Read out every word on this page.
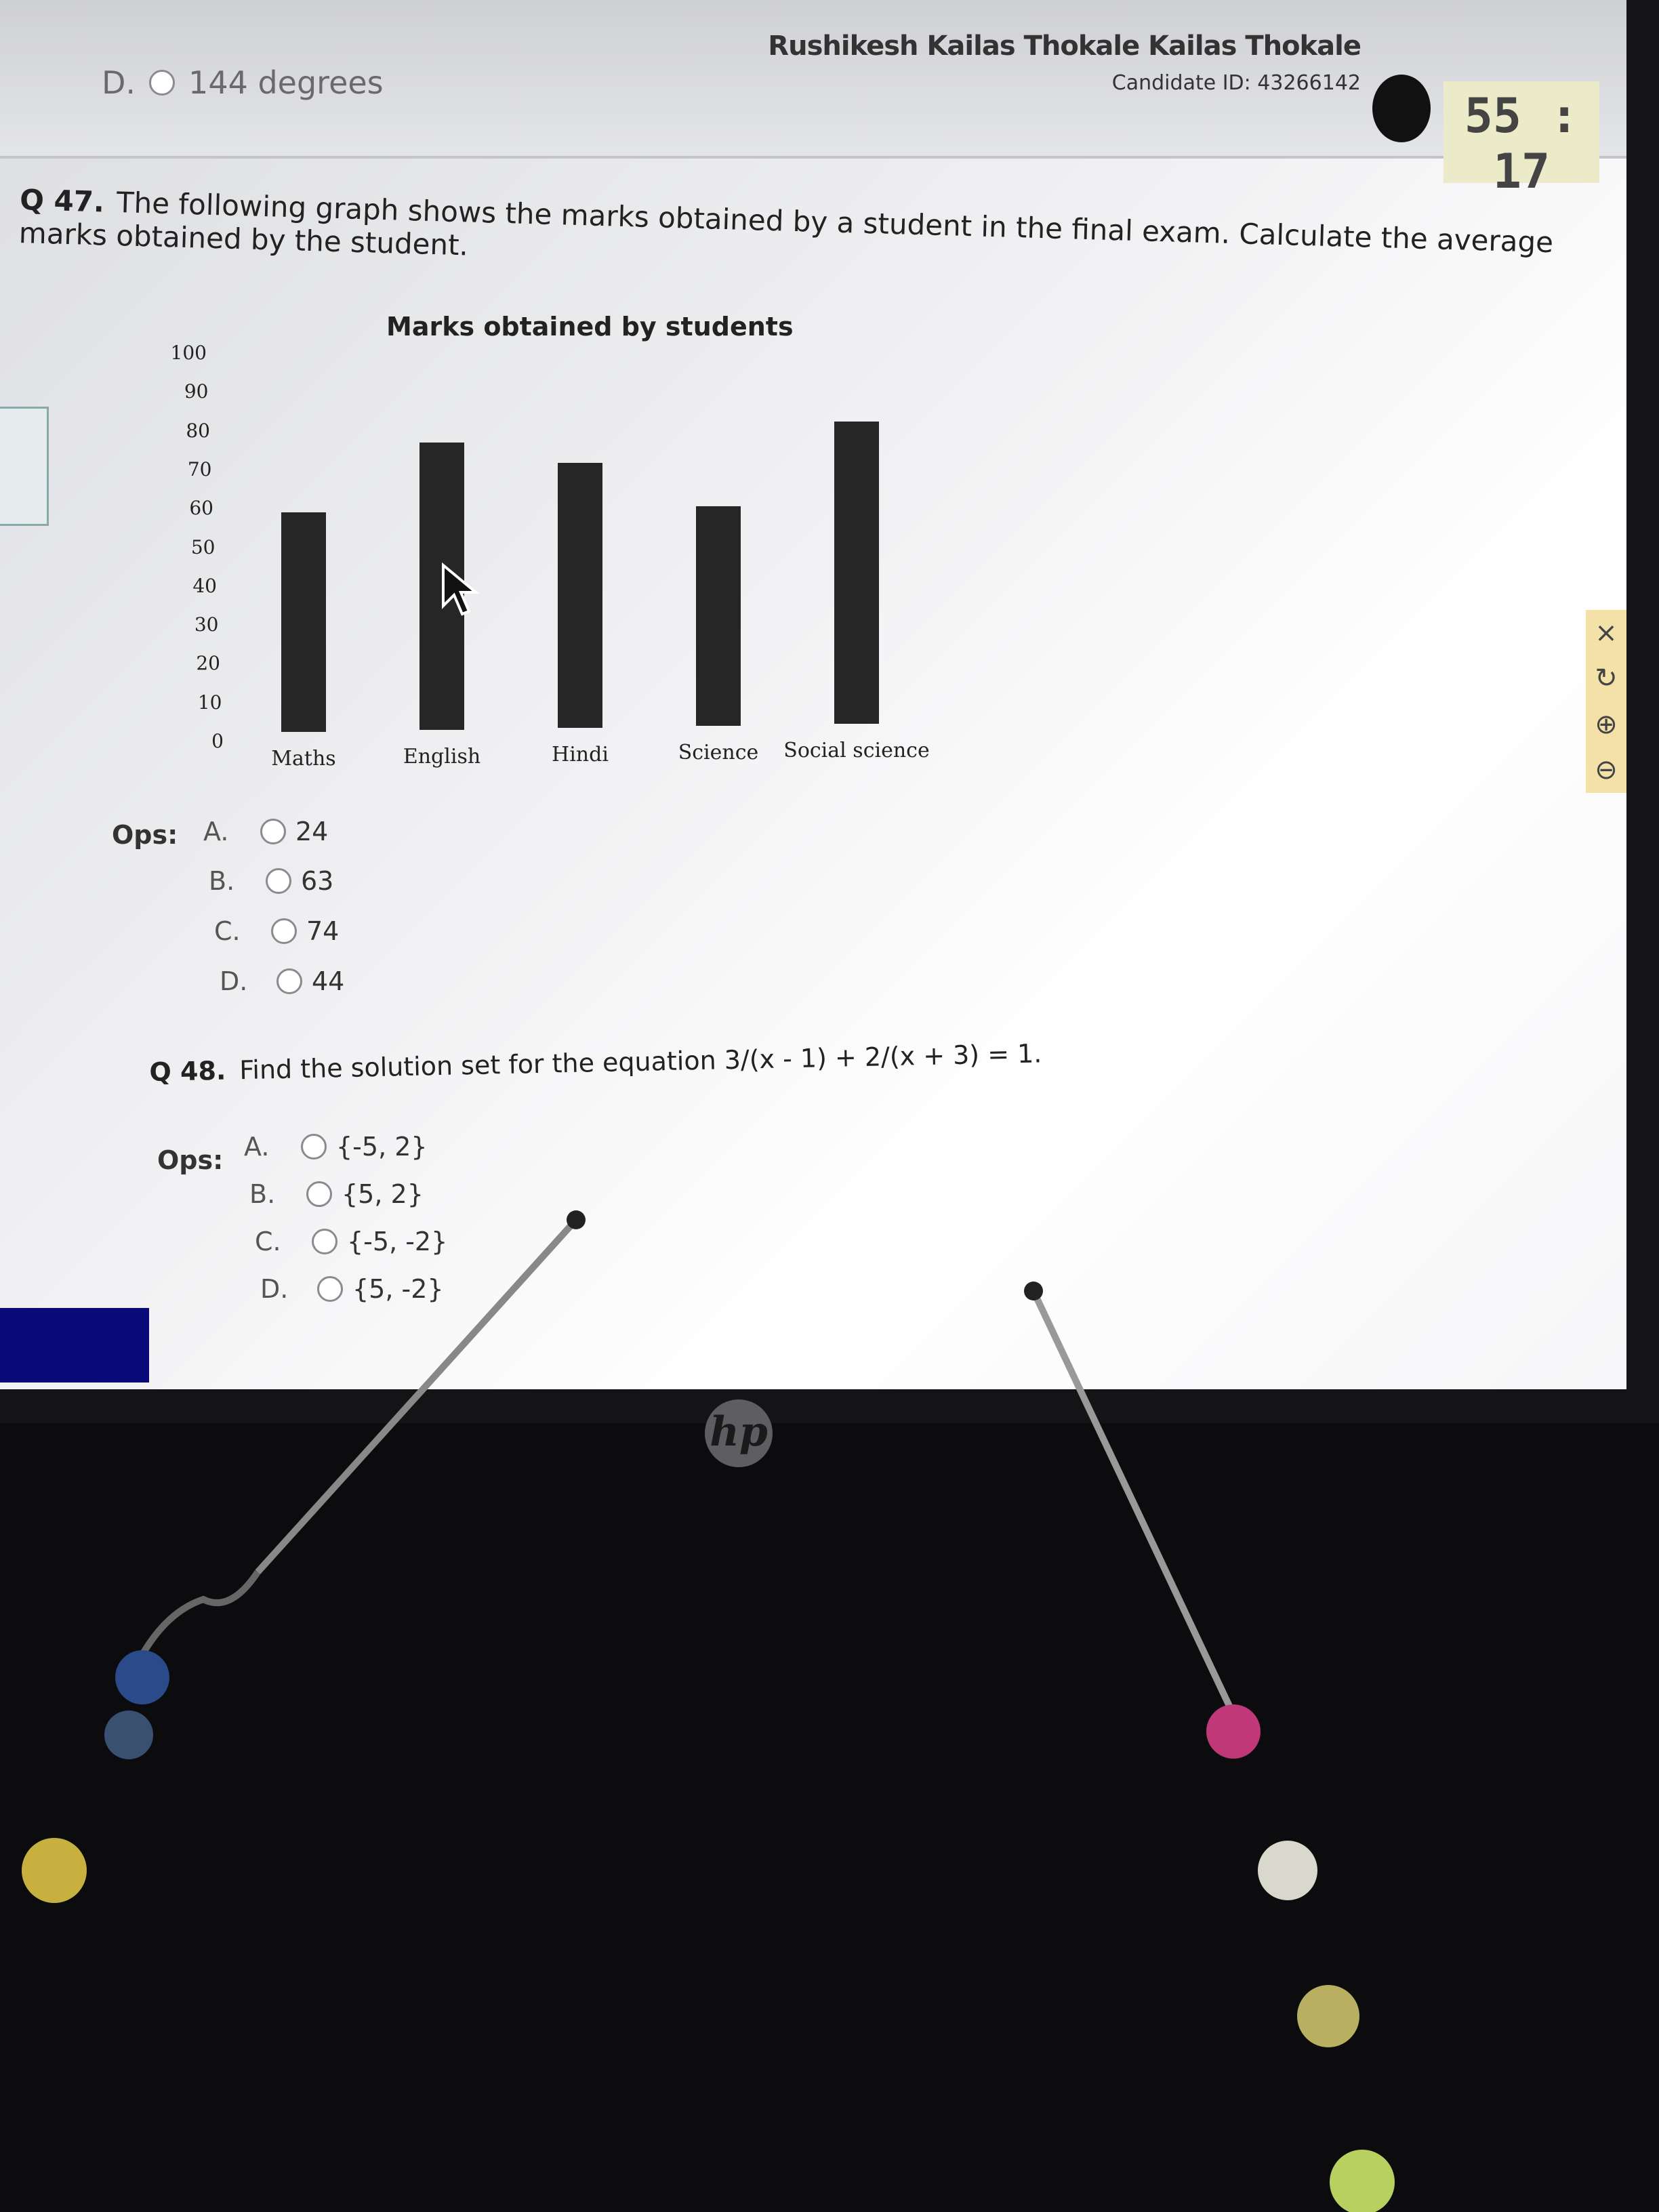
D. 144 degrees
Rushikesh Kailas Thokale Kailas Thokale
Candidate ID: 43266142
55 : 17
Q 47. The following graph shows the marks obtained by a student in the final exam. Calculate the average marks obtained by the student.
Marks obtained by students
100
90
80
70
60
50
40
30
20
10
0
Maths	English	Hindi	Science	Social science
Ops: A.	24
B.	63
C.	74
D.	44
Q 48. Find the solution set for the equation 3/(x - 1) + 2/(x + 3) = 1.
Ops: A.	{-5, 2}
B.	{5, 2}
C.	{-5, -2}
D.	{5, -2}
×
↻
⊕
⊖
hp
